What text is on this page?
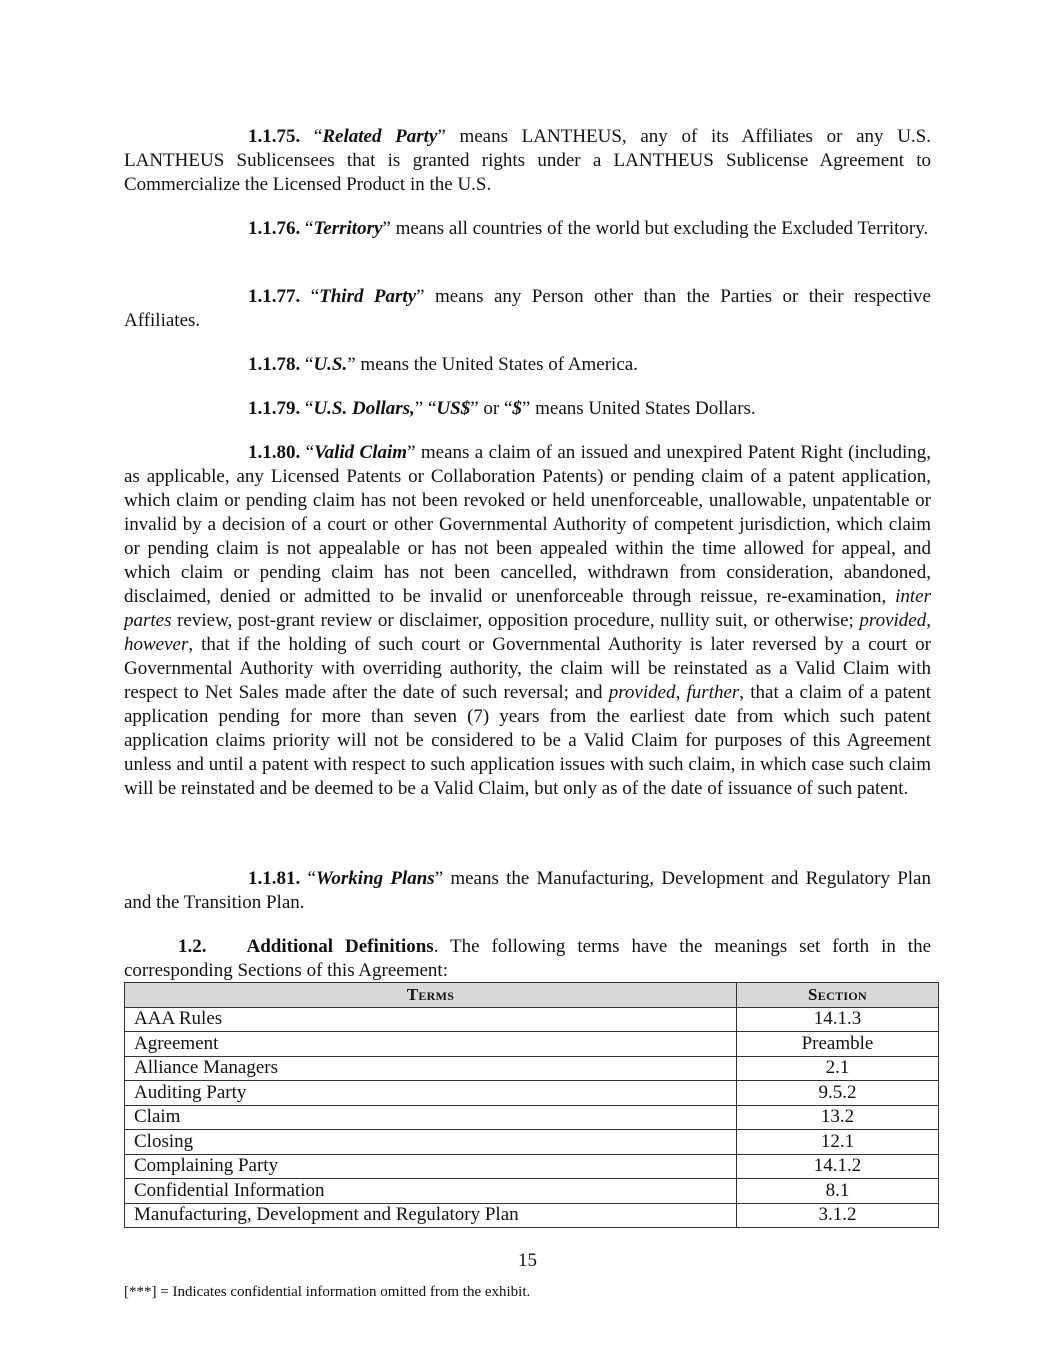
1.1.75. “Related Party” means LANTHEUS, any of its Affiliates or any U.S. LANTHEUS Sublicensees that is granted rights under a LANTHEUS Sublicense Agreement to Commercialize the Licensed Product in the U.S.

1.1.76. “Territory” means all countries of the world but excluding the Excluded Territory.

1.1.77. “Third Party” means any Person other than the Parties or their respective Affiliates.

1.1.78. “U.S.” means the United States of America.

1.1.79. “U.S. Dollars,” “US$” or “$” means United States Dollars.

1.1.80. “Valid Claim” means a claim of an issued and unexpired Patent Right (including, as applicable, any Licensed Patents or Collaboration Patents) or pending claim of a patent application, which claim or pending claim has not been revoked or held unenforceable, unallowable, unpatentable or invalid by a decision of a court or other Governmental Authority of competent jurisdiction, which claim or pending claim is not appealable or has not been appealed within the time allowed for appeal, and which claim or pending claim has not been cancelled, withdrawn from consideration, abandoned, disclaimed, denied or admitted to be invalid or unenforceable through reissue, re-examination, inter partes review, post-grant review or disclaimer, opposition procedure, nullity suit, or otherwise; provided, however, that if the holding of such court or Governmental Authority is later reversed by a court or Governmental Authority with overriding authority, the claim will be reinstated as a Valid Claim with respect to Net Sales made after the date of such reversal; and provided, further, that a claim of a patent application pending for more than seven (7) years from the earliest date from which such patent application claims priority will not be considered to be a Valid Claim for purposes of this Agreement unless and until a patent with respect to such application issues with such claim, in which case such claim will be reinstated and be deemed to be a Valid Claim, but only as of the date of issuance of such patent.

1.1.81. “Working Plans” means the Manufacturing, Development and Regulatory Plan and the Transition Plan.

1.2. Additional Definitions. The following terms have the meanings set forth in the corresponding Sections of this Agreement:

Terms	Section
AAA Rules	14.1.3
Agreement	Preamble
Alliance Managers	2.1
Auditing Party	9.5.2
Claim	13.2
Closing	12.1
Complaining Party	14.1.2
Confidential Information	8.1
Manufacturing, Development and Regulatory Plan	3.1.2
15
[***] = Indicates confidential information omitted from the exhibit.
